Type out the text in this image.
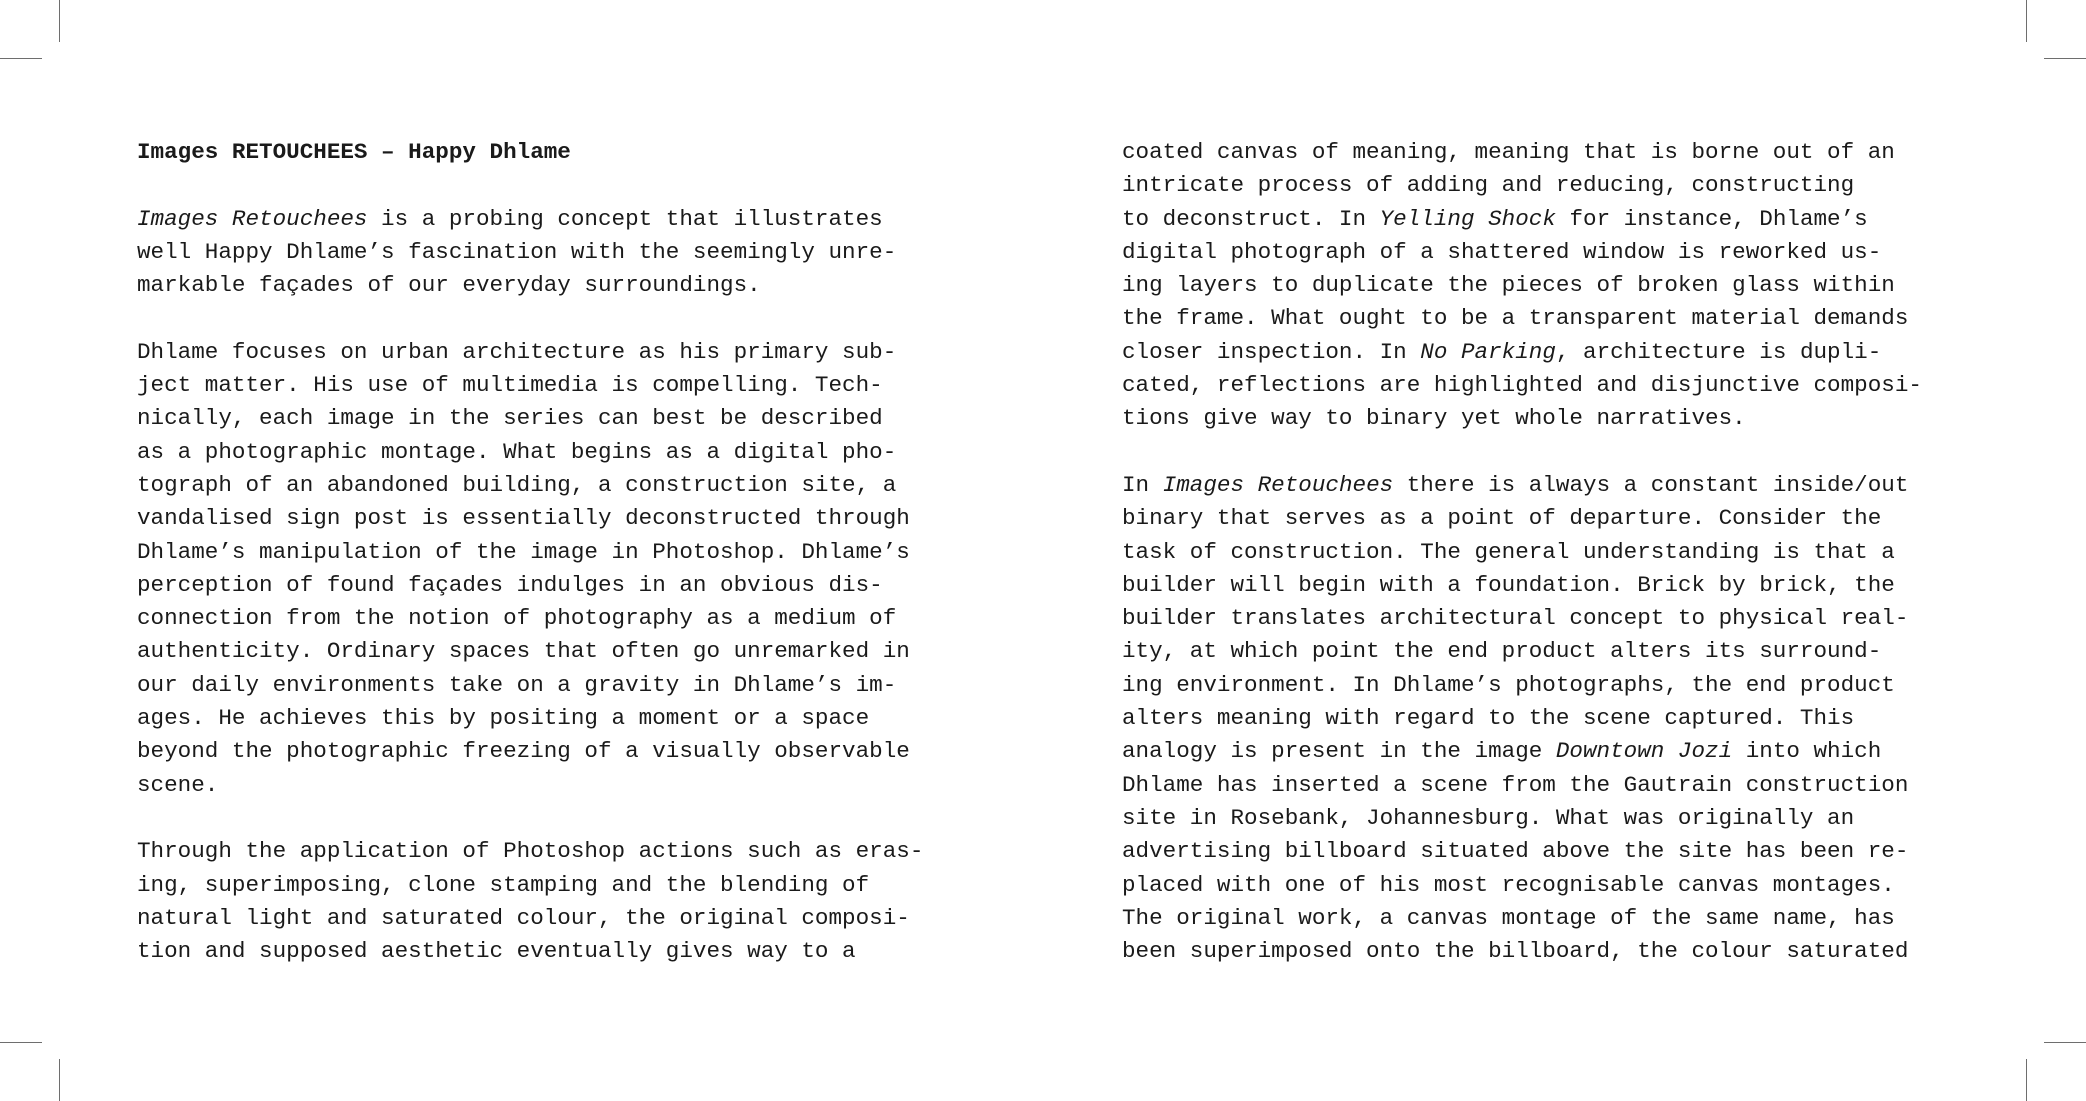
Images RETOUCHEES – Happy Dhlame
Images Retouchees is a probing concept that illustrates
well Happy Dhlame’s fascination with the seemingly unre-
markable façades of our everyday surroundings.
Dhlame focuses on urban architecture as his primary sub-
ject matter. His use of multimedia is compelling. Tech-
nically, each image in the series can best be described
as a photographic montage. What begins as a digital pho-
tograph of an abandoned building, a construction site, a
vandalised sign post is essentially deconstructed through
Dhlame’s manipulation of the image in Photoshop. Dhlame’s
perception of found façades indulges in an obvious dis-
connection from the notion of photography as a medium of
authenticity. Ordinary spaces that often go unremarked in
our daily environments take on a gravity in Dhlame’s im-
ages. He achieves this by positing a moment or a space
beyond the photographic freezing of a visually observable
scene.
Through the application of Photoshop actions such as eras-
ing, superimposing, clone stamping and the blending of
natural light and saturated colour, the original composi-
tion and supposed aesthetic eventually gives way to a
coated canvas of meaning, meaning that is borne out of an
intricate process of adding and reducing, constructing
to deconstruct. In Yelling Shock for instance, Dhlame’s
digital photograph of a shattered window is reworked us-
ing layers to duplicate the pieces of broken glass within
the frame. What ought to be a transparent material demands
closer inspection. In No Parking, architecture is dupli-
cated, reflections are highlighted and disjunctive composi-
tions give way to binary yet whole narratives.
In Images Retouchees there is always a constant inside/out
binary that serves as a point of departure. Consider the
task of construction. The general understanding is that a
builder will begin with a foundation. Brick by brick, the
builder translates architectural concept to physical real-
ity, at which point the end product alters its surround-
ing environment. In Dhlame’s photographs, the end product
alters meaning with regard to the scene captured. This
analogy is present in the image Downtown Jozi into which
Dhlame has inserted a scene from the Gautrain construction
site in Rosebank, Johannesburg. What was originally an
advertising billboard situated above the site has been re-
placed with one of his most recognisable canvas montages.
The original work, a canvas montage of the same name, has
been superimposed onto the billboard, the colour saturated
